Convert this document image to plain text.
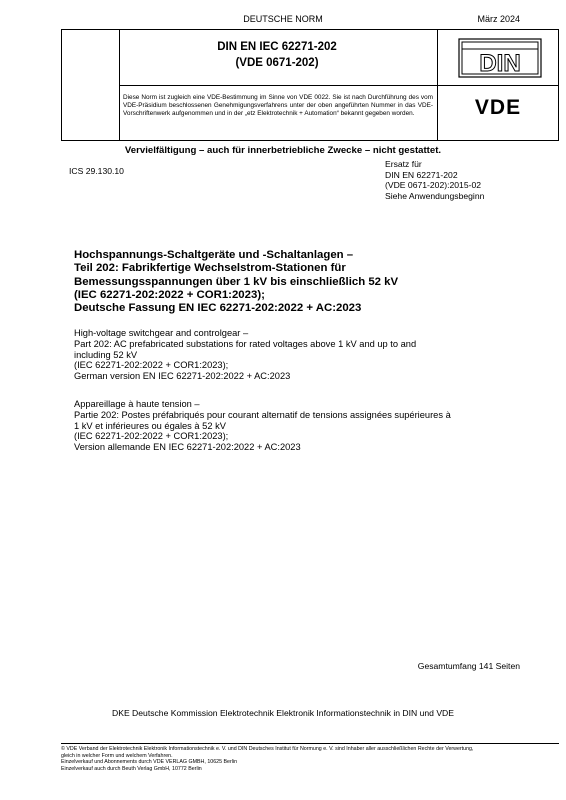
DEUTSCHE NORM	März 2024
DIN EN IEC 62271-202
(VDE 0671-202)
Diese Norm ist zugleich eine VDE-Bestimmung im Sinne von VDE 0022. Sie ist nach Durchführung des vom VDE-Präsidium beschlossenen Genehmigungsverfahrens unter der oben angeführten Nummer in das VDE-Vorschriftenwerk aufgenommen und in der „etz Elektrotechnik + Automation“ bekannt gegeben worden.
DIN
VDE
Vervielfältigung – auch für innerbetriebliche Zwecke – nicht gestattet.
ICS 29.130.10
Ersatz für
DIN EN 62271-202
(VDE 0671-202):2015-02
Siehe Anwendungsbeginn
Hochspannungs-Schaltgeräte und -Schaltanlagen –
Teil 202: Fabrikfertige Wechselstrom-Stationen für
Bemessungsspannungen über 1 kV bis einschließlich 52 kV
(IEC 62271-202:2022 + COR1:2023);
Deutsche Fassung EN IEC 62271-202:2022 + AC:2023
High-voltage switchgear and controlgear –
Part 202: AC prefabricated substations for rated voltages above 1 kV and up to and
including 52 kV
(IEC 62271-202:2022 + COR1:2023);
German version EN IEC 62271-202:2022 + AC:2023
Appareillage à haute tension –
Partie 202: Postes préfabriqués pour courant alternatif de tensions assignées supérieures à
1 kV et inférieures ou égales à 52 kV
(IEC 62271-202:2022 + COR1:2023);
Version allemande EN IEC 62271-202:2022 + AC:2023
Gesamtumfang 141 Seiten
DKE Deutsche Kommission Elektrotechnik Elektronik Informationstechnik in DIN und VDE
© VDE Verband der Elektrotechnik Elektronik Informationstechnik e. V. und DIN Deutsches Institut für Normung e. V. sind Inhaber aller ausschließlichen Rechte der Verwertung,
gleich in welcher Form und welchem Verfahren.
Einzelverkauf und Abonnements durch VDE VERLAG GMBH, 10625 Berlin
Einzelverkauf auch durch Beuth Verlag GmbH, 10772 Berlin
